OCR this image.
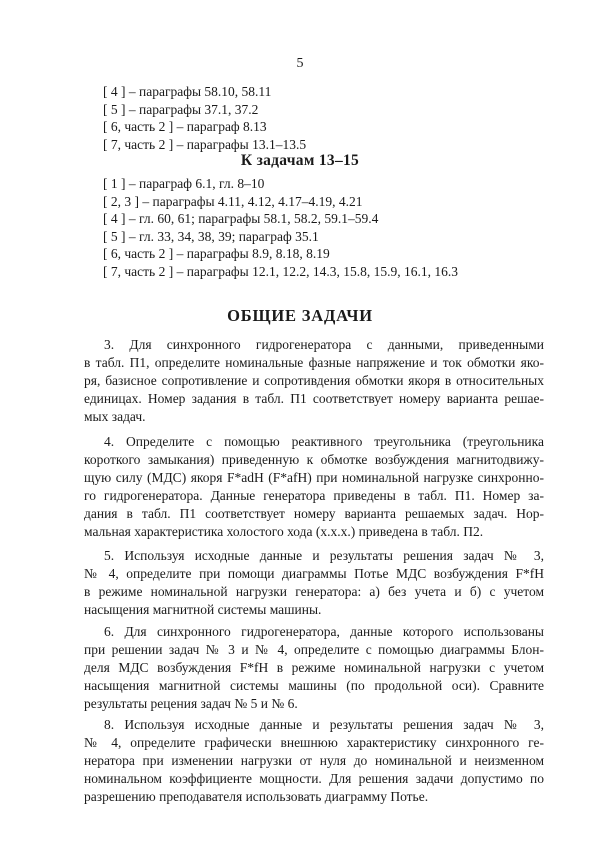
5
[ 4 ] – параграфы 58.10, 58.11
[ 5 ] – параграфы 37.1, 37.2
[ 6, часть 2 ] – параграф 8.13
[ 7, часть 2 ] – параграфы 13.1–13.5
К задачам 13–15
[ 1 ] – параграф 6.1, гл. 8–10
[ 2, 3 ] – параграфы 4.11, 4.12, 4.17–4.19, 4.21
[ 4 ] – гл. 60, 61; параграфы 58.1, 58.2, 59.1–59.4
[ 5 ] – гл. 33, 34, 38, 39; параграф 35.1
[ 6, часть 2 ] – параграфы 8.9, 8.18, 8.19
[ 7, часть 2 ] – параграфы 12.1, 12.2, 14.3, 15.8, 15.9, 16.1, 16.3
ОБЩИЕ ЗАДАЧИ
3. Для синхронного гидрогенератора с данными, приведенными
в табл. П1, определите номинальные фазные напряжение и ток обмотки яко-
ря, базисное сопротивление и сопротивдения обмотки якоря в относительных
единицах. Номер задания в табл. П1 соответствует номеру варианта решае-
мых задач.
4. Определите с помощью реактивного треугольника (треугольника
короткого замыкания) приведенную к обмотке возбуждения магнитодвижу-
щую силу (МДС) якоря F*adН (F*afН) при номинальной нагрузке синхронно-
го гидрогенератора. Данные генератора приведены в табл. П1. Номер за-
дания в табл. П1 соответствует номеру варианта решаемых задач. Нор-
мальная характеристика холостого хода (х.х.х.) приведена в табл. П2.
5. Используя исходные данные и результаты решения задач № 3,
№ 4, определите при помощи диаграммы Потье МДС возбуждения F*fН
в режиме номинальной нагрузки генератора: а) без учета и б) с учетом
насыщения магнитной системы машины.
6. Для синхронного гидрогенератора, данные которого использованы
при решении задач № 3 и № 4, определите с помощью диаграммы Блон-
деля МДС возбуждения F*fН в режиме номинальной нагрузки с учетом
насыщения магнитной системы машины (по продольной оси). Сравните
результаты рецения задач № 5 и № 6.
8. Используя исходные данные и результаты решения задач № 3,
№ 4, определите графически внешнюю характеристику синхронного ге-
нератора при изменении нагрузки от нуля до номинальной и неизменном
номинальном коэффициенте мощности. Для решения задачи допустимо по
разрешению преподавателя использовать диаграмму Потье.
